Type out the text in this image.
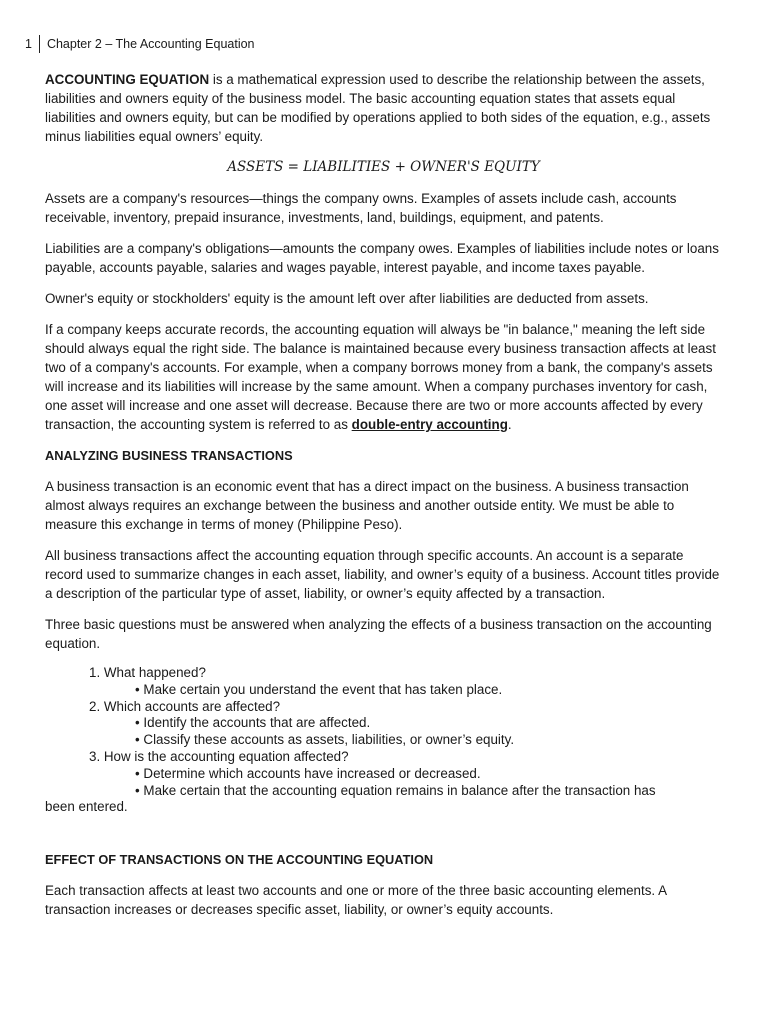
1 Chapter 2 – The Accounting Equation

ACCOUNTING EQUATION is a mathematical expression used to describe the relationship between the assets, liabilities and owners equity of the business model. The basic accounting equation states that assets equal liabilities and owners equity, but can be modified by operations applied to both sides of the equation, e.g., assets minus liabilities equal owners’ equity.

ASSETS = LIABILITIES + OWNER'S EQUITY

Assets are a company's resources—things the company owns. Examples of assets include cash, accounts receivable, inventory, prepaid insurance, investments, land, buildings, equipment, and patents.

Liabilities are a company's obligations—amounts the company owes. Examples of liabilities include notes or loans payable, accounts payable, salaries and wages payable, interest payable, and income taxes payable.

Owner's equity or stockholders' equity is the amount left over after liabilities are deducted from assets.

If a company keeps accurate records, the accounting equation will always be "in balance," meaning the left side should always equal the right side. The balance is maintained because every business transaction affects at least two of a company's accounts. For example, when a company borrows money from a bank, the company's assets will increase and its liabilities will increase by the same amount. When a company purchases inventory for cash, one asset will increase and one asset will decrease. Because there are two or more accounts affected by every transaction, the accounting system is referred to as double-entry accounting.

ANALYZING BUSINESS TRANSACTIONS

A business transaction is an economic event that has a direct impact on the business. A business transaction almost always requires an exchange between the business and another outside entity. We must be able to measure this exchange in terms of money (Philippine Peso).

All business transactions affect the accounting equation through specific accounts. An account is a separate record used to summarize changes in each asset, liability, and owner’s equity of a business. Account titles provide a description of the particular type of asset, liability, or owner’s equity affected by a transaction.

Three basic questions must be answered when analyzing the effects of a business transaction on the accounting equation.

1. What happened?
• Make certain you understand the event that has taken place.
2. Which accounts are affected?
• Identify the accounts that are affected.
• Classify these accounts as assets, liabilities, or owner’s equity.
3. How is the accounting equation affected?
• Determine which accounts have increased or decreased.
• Make certain that the accounting equation remains in balance after the transaction has
been entered.
EFFECT OF TRANSACTIONS ON THE ACCOUNTING EQUATION

Each transaction affects at least two accounts and one or more of the three basic accounting elements. A transaction increases or decreases specific asset, liability, or owner’s equity accounts.
